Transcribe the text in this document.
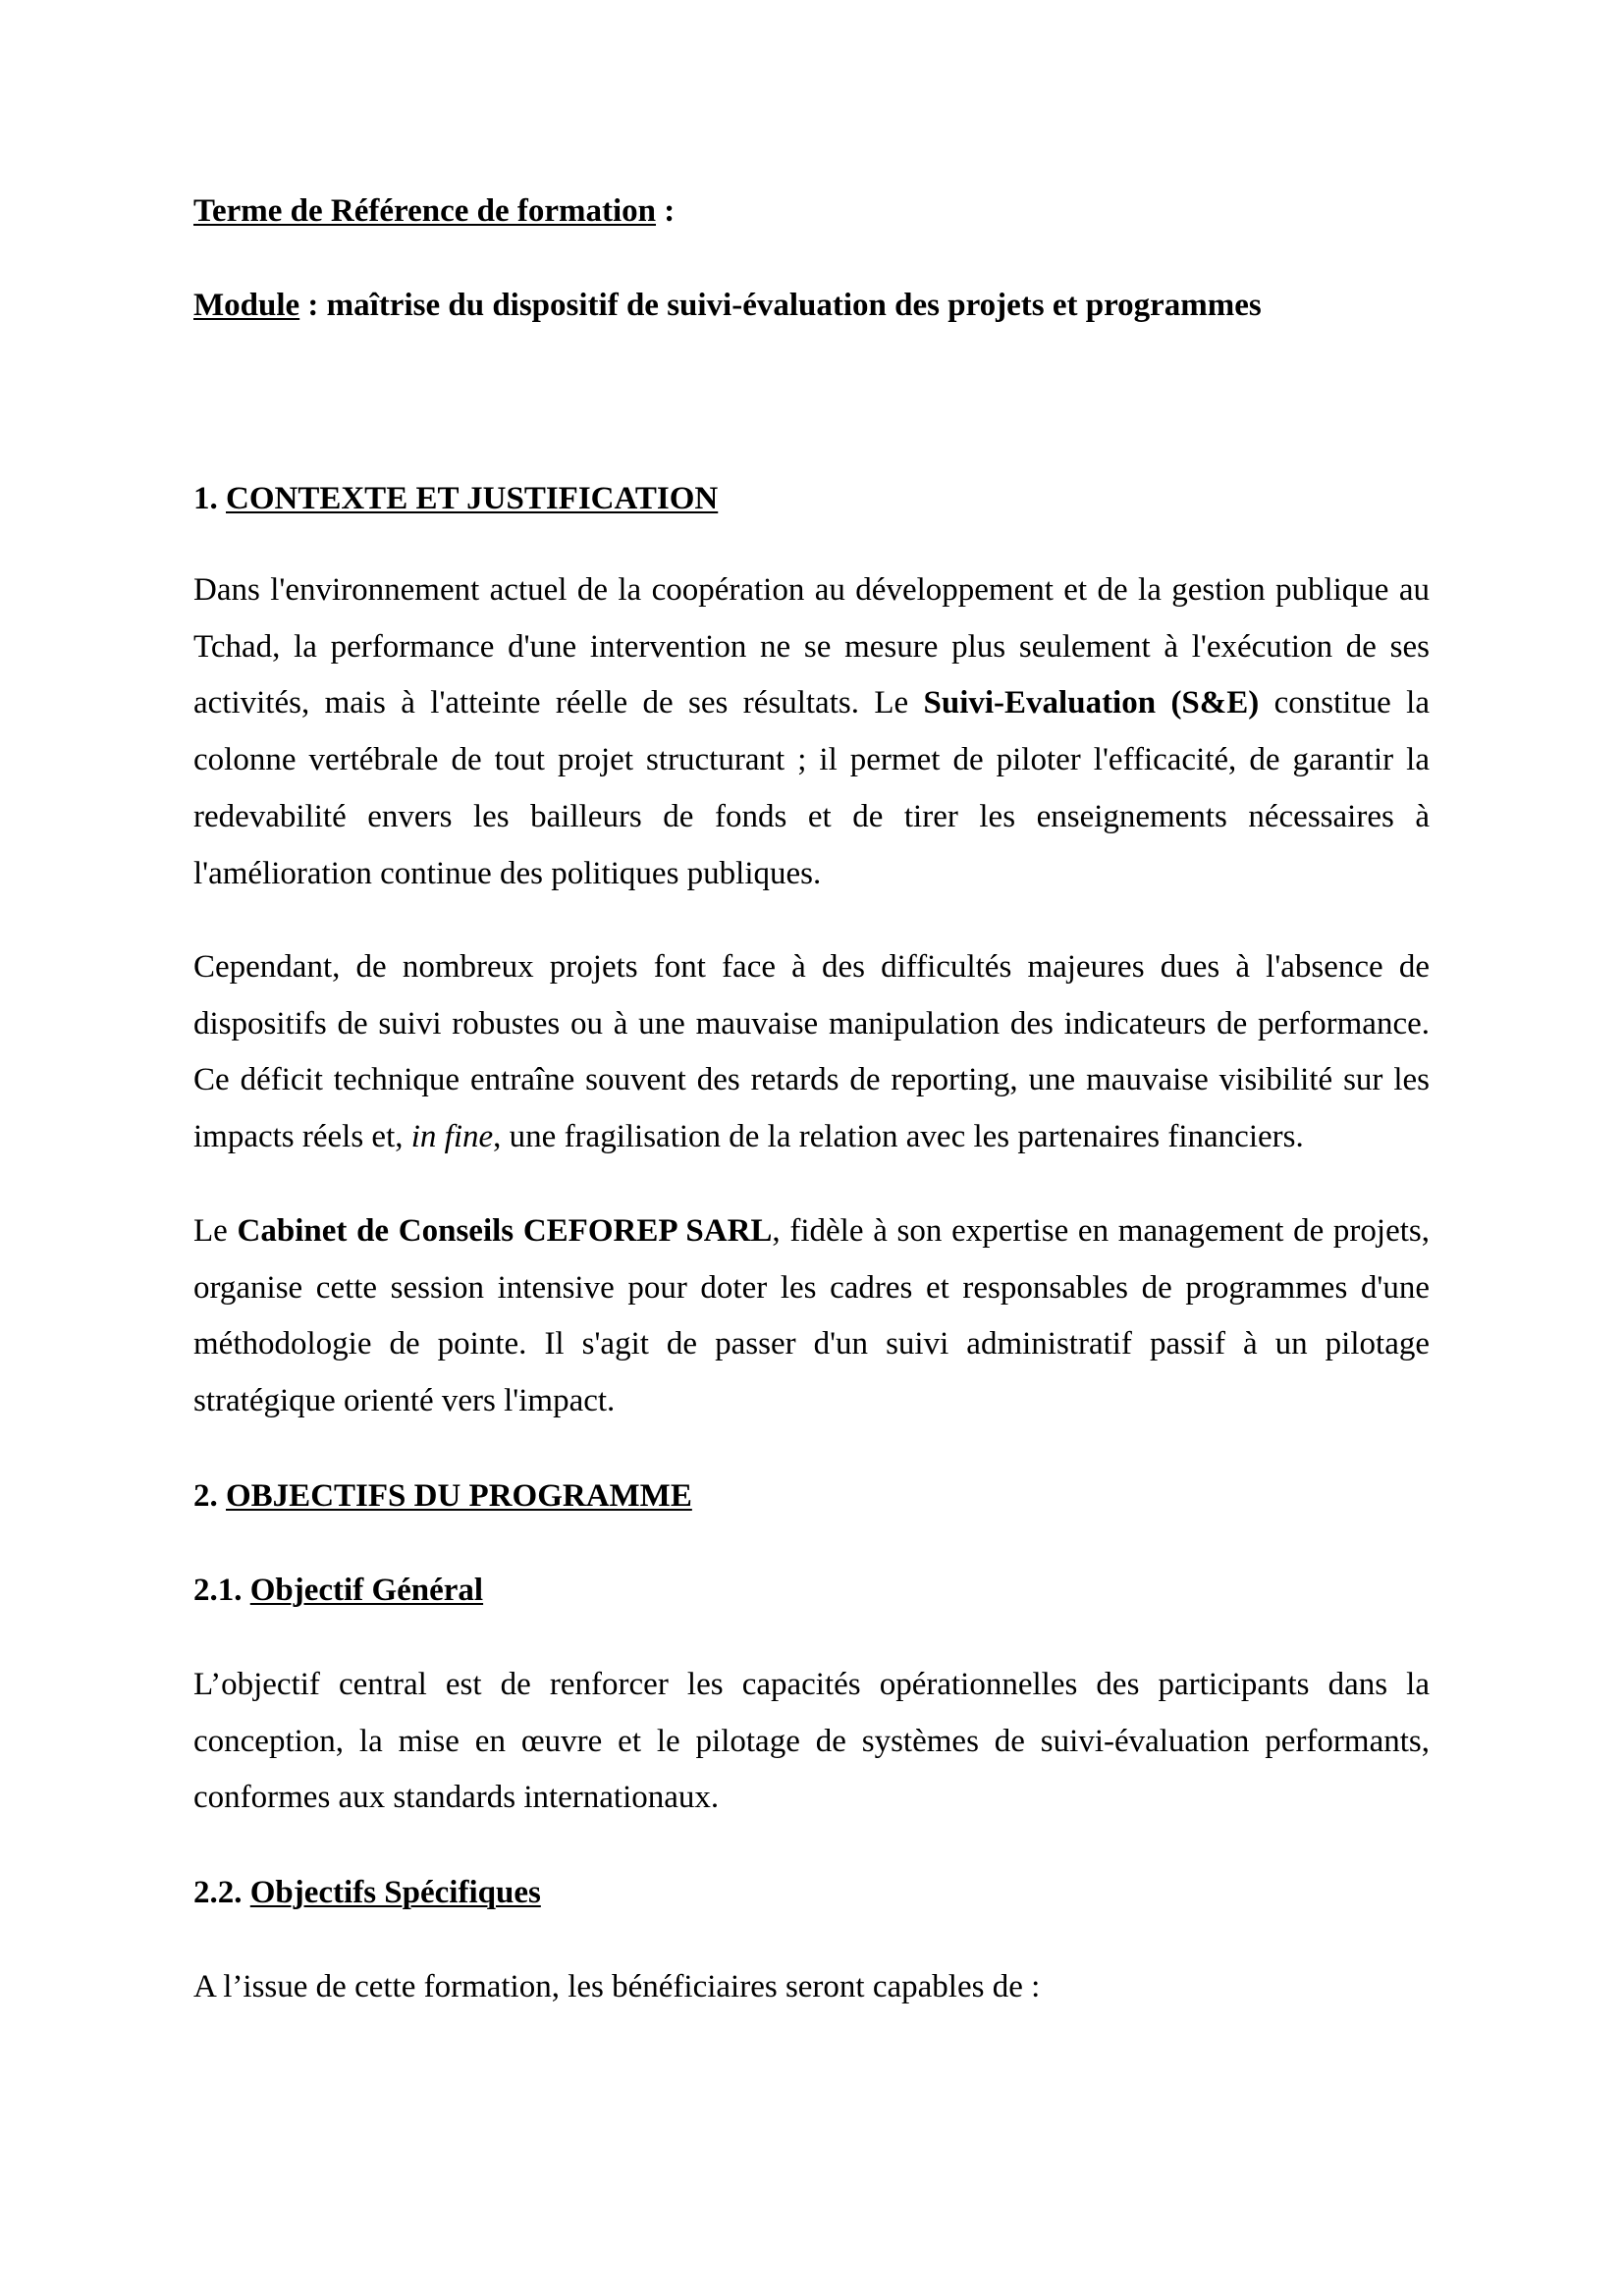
Terme de Référence de formation :

Module : maîtrise du dispositif de suivi-évaluation des projets et programmes

1. CONTEXTE ET JUSTIFICATION

Dans l'environnement actuel de la coopération au développement et de la gestion publique au Tchad, la performance d'une intervention ne se mesure plus seulement à l'exécution de ses activités, mais à l'atteinte réelle de ses résultats. Le Suivi-Evaluation (S&E) constitue la colonne vertébrale de tout projet structurant ; il permet de piloter l'efficacité, de garantir la redevabilité envers les bailleurs de fonds et de tirer les enseignements nécessaires à l'amélioration continue des politiques publiques.

Cependant, de nombreux projets font face à des difficultés majeures dues à l'absence de dispositifs de suivi robustes ou à une mauvaise manipulation des indicateurs de performance. Ce déficit technique entraîne souvent des retards de reporting, une mauvaise visibilité sur les impacts réels et, in fine, une fragilisation de la relation avec les partenaires financiers.

Le Cabinet de Conseils CEFOREP SARL, fidèle à son expertise en management de projets, organise cette session intensive pour doter les cadres et responsables de programmes d'une méthodologie de pointe. Il s'agit de passer d'un suivi administratif passif à un pilotage stratégique orienté vers l'impact.

2. OBJECTIFS DU PROGRAMME
2.1. Objectif Général

L’objectif central est de renforcer les capacités opérationnelles des participants dans la conception, la mise en œuvre et le pilotage de systèmes de suivi-évaluation performants, conformes aux standards internationaux.

2.2. Objectifs Spécifiques

A l’issue de cette formation, les bénéficiaires seront capables de :
